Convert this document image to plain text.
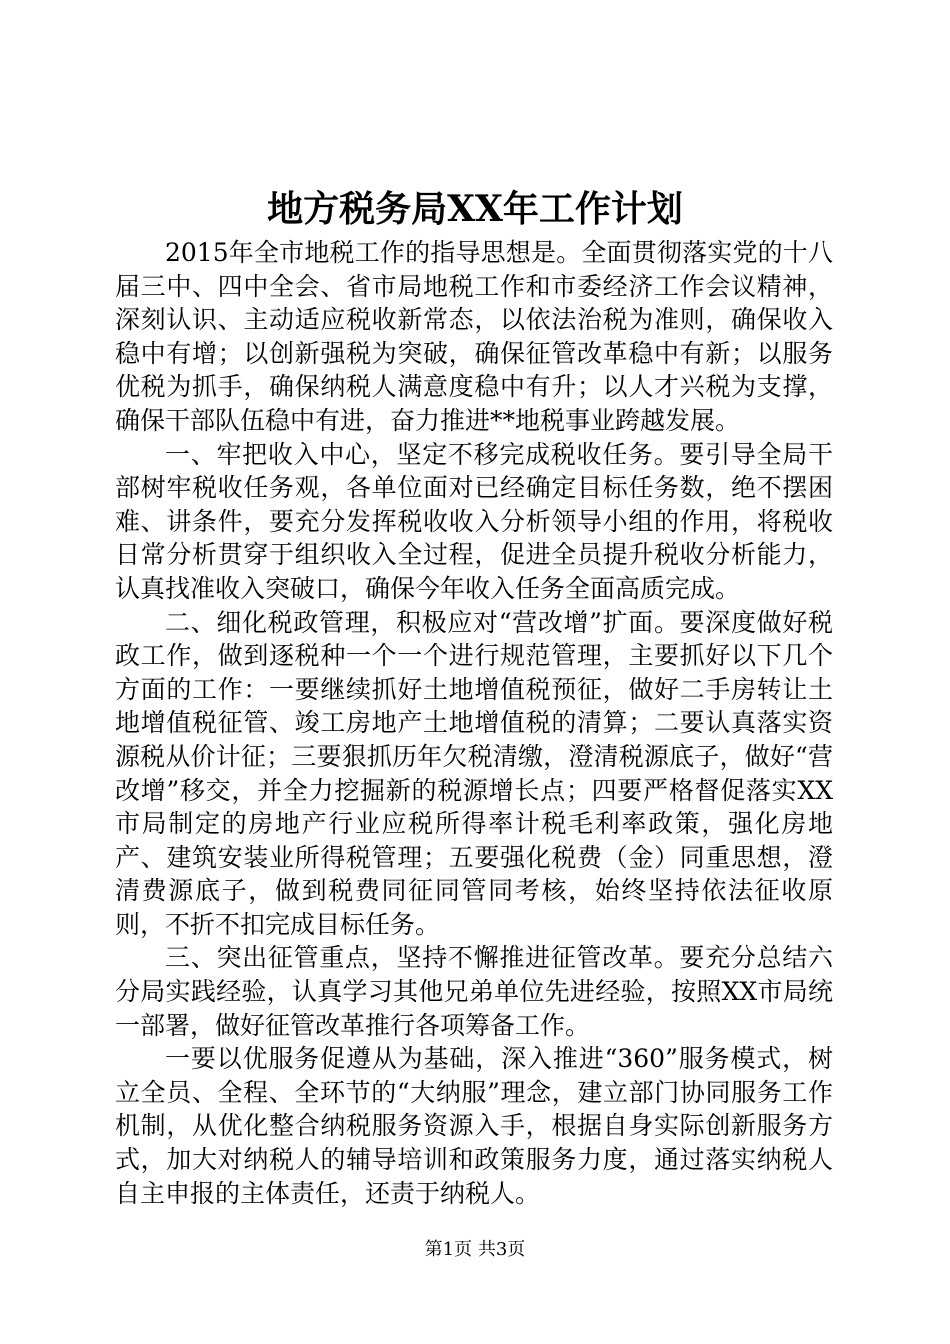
地方税务局XX年工作计划

2015年全市地税工作的指导思想是。全面贯彻落实党的十八届三中、四中全会、省市局地税工作和市委经济工作会议精神，深刻认识、主动适应税收新常态，以依法治税为准则，确保收入稳中有增；以创新强税为突破，确保征管改革稳中有新；以服务优税为抓手，确保纳税人满意度稳中有升；以人才兴税为支撑，确保干部队伍稳中有进，奋力推进**地税事业跨越发展。

一、牢把收入中心，坚定不移完成税收任务。要引导全局干部树牢税收任务观，各单位面对已经确定目标任务数，绝不摆困难、讲条件，要充分发挥税收收入分析领导小组的作用，将税收日常分析贯穿于组织收入全过程，促进全员提升税收分析能力，认真找准收入突破口，确保今年收入任务全面高质完成。

二、细化税政管理，积极应对“营改增”扩面。要深度做好税政工作，做到逐税种一个一个进行规范管理，主要抓好以下几个方面的工作：一要继续抓好土地增值税预征，做好二手房转让土地增值税征管、竣工房地产土地增值税的清算；二要认真落实资源税从价计征；三要狠抓历年欠税清缴，澄清税源底子，做好“营改增”移交，并全力挖掘新的税源增长点；四要严格督促落实XX市局制定的房地产行业应税所得率计税毛利率政策，强化房地产、建筑安装业所得税管理；五要强化税费（金）同重思想，澄清费源底子，做到税费同征同管同考核，始终坚持依法征收原则，不折不扣完成目标任务。

三、突出征管重点，坚持不懈推进征管改革。要充分总结六分局实践经验，认真学习其他兄弟单位先进经验，按照XX市局统一部署，做好征管改革推行各项筹备工作。

一要以优服务促遵从为基础，深入推进“360”服务模式，树立全员、全程、全环节的“大纳服”理念，建立部门协同服务工作机制，从优化整合纳税服务资源入手，根据自身实际创新服务方式，加大对纳税人的辅导培训和政策服务力度，通过落实纳税人自主申报的主体责任，还责于纳税人。

第1页 共3页
